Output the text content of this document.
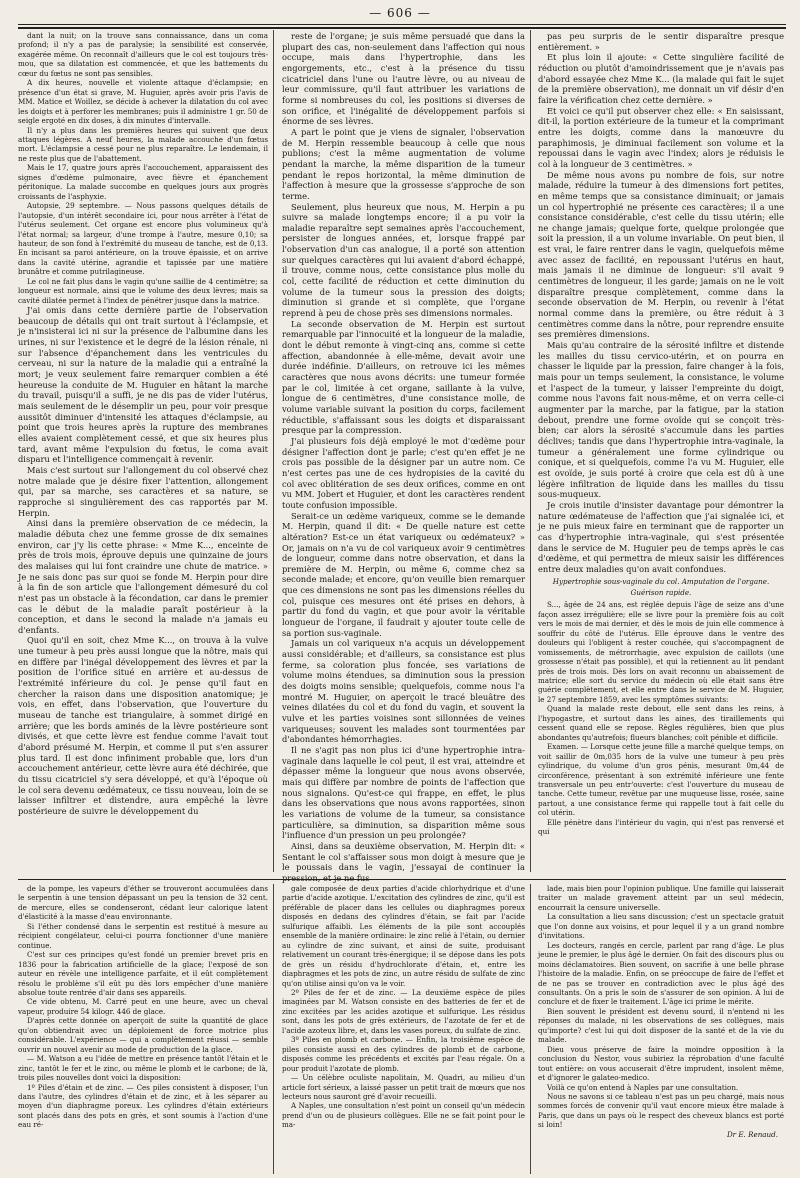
— 606 —

dant la nuit; on la trouve sans connaissance, dans un coma profond; il n'y a pas de paralysie; la sensibilité est conservée, exagérée même. On reconnaît d'ailleurs que le col est toujours très-mou, que sa dilatation est commencée, et que les battements du cœur du fœtus ne sont pas sensibles.

A dix heures, nouvelle et violente attaque d'éclampsie; en présence d'un état si grave, M. Huguier, après avoir pris l'avis de MM. Matice et Woillez, se décide à achever la dilatation du col avec les doigts et à perforer les membranes; puis il administre 1 gr. 50 de seigle ergoté en dix doses, à dix minutes d'intervalle.

Il n'y a plus dans les premières heures qui suivent que deux attaques légères. A neuf heures, la malade accouche d'un fœtus mort. L'éclampsie a cessé pour ne plus reparaître. Le lendemain, il ne reste plus que de l'abattement.

Mais le 17, quatre jours après l'accouchement, apparaissent des signes d'œdème pulmonaire, avec fièvre et épanchement péritonique. La malade succombe en quelques jours aux progrès croissants de l'asphyxie.

Autopsie, 29 septembre. — Nous passons quelques détails de l'autopsie, d'un intérêt secondaire ici, pour nous arrêter à l'état de l'utérus seulement. Cet organe est encore plus volumineux qu'à l'état normal; sa largeur, d'une trompe à l'autre, mesure 0,10; sa hauteur, de son fond à l'extrémité du museau de tanche, est de 0,13. En incisant sa paroi antérieure, on la trouve épaissie, et on arrive dans la cavité utérine, agrandie et tapissée par une matière brunâtre et comme putrilagineuse.

Le col ne fait plus dans le vagin qu'une saillie de 4 centimètre; sa longueur est normale, ainsi que le volume des deux lèvres; mais sa cavité dilatée permet à l'index de pénétrer jusque dans la matrice.

J'ai omis dans cette dernière partie de l'observation beaucoup de détails qui ont trait surtout à l'éclampsie, et je n'insisterai ici ni sur la présence de l'albumine dans les urines, ni sur l'existence et le degré de la lésion rénale, ni sur l'absence d'épanchement dans les ventricules du cerveau, ni sur la nature de la maladie qui a entraîné la mort; je veux seulement faire remarquer combien a été heureuse la conduite de M. Huguier en hâtant la marche du travail, puisqu'il a suffi, je ne dis pas de vider l'utérus, mais seulement de le désemplir un peu, pour voir presque aussitôt diminuer d'intensité les attaques d'éclampsie, au point que trois heures après la rupture des membranes elles avaient complètement cessé, et que six heures plus tard, avant même l'expulsion du fœtus, le coma avait disparu et l'intelligence commençait à revenir.

Mais c'est surtout sur l'allongement du col observé chez notre malade que je désire fixer l'attention, allongement qui, par sa marche, ses caractères et sa nature, se rapproche si singulièrement des cas rapportés par M. Herpin.

Ainsi dans la première observation de ce médecin, la maladie débuta chez une femme grosse de dix semaines environ, car j'y lis cette phrase: « Mme K..., enceinte de près de trois mois, éprouve depuis une quinzaine de jours des malaises qui lui font craindre une chute de matrice. » Je ne sais donc pas sur quoi se fonde M. Herpin pour dire à la fin de son article que l'allongement démesuré du col n'est pas un obstacle à la fécondation, car dans le premier cas le début de la maladie paraît postérieur à la conception, et dans le second la malade n'a jamais eu d'enfants.

Quoi qu'il en soit, chez Mme K..., on trouva à la vulve une tumeur à peu près aussi longue que la nôtre, mais qui en diffère par l'inégal développement des lèvres et par la position de l'orifice situé en arrière et au-dessus de l'extrémité inférieure du col. Je pense qu'il faut en chercher la raison dans une disposition anatomique; je vois, en effet, dans l'observation, que l'ouverture du museau de tanche est triangulaire, à sommet dirigé en arrière; que les bords aminés de la lèvre postérieure sont divisés, et que cette lèvre est fendue comme l'avait tout d'abord présumé M. Herpin, et comme il put s'en assurer plus tard. Il est donc infiniment probable que, lors d'un accouchement antérieur, cette lèvre aura été déchirée, que du tissu cicatriciel s'y sera développé, et qu'à l'époque où le col sera devenu œdémateux, ce tissu nouveau, loin de se laisser infiltrer et distendre, aura empêché la lèvre postérieure de suivre le développement du

reste de l'organe; je suis même persuadé que dans la plupart des cas, non-seulement dans l'affection qui nous occupe, mais dans l'hypertrophie, dans les engorgements, etc., c'est à la présence du tissu cicatriciel dans l'une ou l'autre lèvre, ou au niveau de leur commissure, qu'il faut attribuer les variations de forme si nombreuses du col, les positions si diverses de son orifice, et l'inégalité de développement parfois si énorme de ses lèvres.

A part le point que je viens de signaler, l'observation de M. Herpin ressemble beaucoup à celle que nous publions; c'est la même augmentation de volume pendant la marche, la même disparition de la tumeur pendant le repos horizontal, la même diminution de l'affection à mesure que la grossesse s'approche de son terme.

Seulement, plus heureux que nous, M. Herpin a pu suivre sa malade longtemps encore; il a pu voir la maladie reparaître sept semaines après l'accouchement, persister de longues années, et, lorsque frappé par l'observation d'un cas analogue, il a porté son attention sur quelques caractères qui lui avaient d'abord échappé, il trouve, comme nous, cette consistance plus molle du col, cette facilité de réduction et cette diminution du volume de la tumeur sous la pression des doigts; diminution si grande et si complète, que l'organe reprend à peu de chose près ses dimensions normales.

La seconde observation de M. Herpin est surtout remarquable par l'innocuité et la longueur de la maladie, dont le début remonte à vingt-cinq ans, comme si cette affection, abandonnée à elle-même, devait avoir une durée indéfinie. D'ailleurs, on retrouve ici les mêmes caractères que nous avons décrits: une tumeur formée par le col, limitée à cet organe, saillante à la vulve, longue de 6 centimètres, d'une consistance molle, de volume variable suivant la position du corps, facilement réductible, s'affaissant sous les doigts et disparaissant presque par la compression.

J'ai plusieurs fois déjà employé le mot d'œdème pour désigner l'affection dont je parle; c'est qu'en effet je ne crois pas possible de la désigner par un autre nom. Ce n'est certes pas une de ces hydropisies de la cavité du col avec oblitération de ses deux orifices, comme en ont vu MM. Jobert et Huguier, et dont les caractères rendent toute confusion impossible.

Serait-ce un œdème variqueux, comme se le demande M. Herpin, quand il dit: « De quelle nature est cette altération? Est-ce un état variqueux ou œdémateux? » Or, jamais on n'a vu de col variqueux avoir 9 centimètres de longueur, comme dans notre observation, et dans la première de M. Herpin, ou même 6, comme chez sa seconde malade; et encore, qu'on veuille bien remarquer que ces dimensions ne sont pas les dimensions réelles du col, puisque ces mesures ont été prises en dehors, à partir du fond du vagin, et que pour avoir la véritable longueur de l'organe, il faudrait y ajouter toute celle de sa portion sus-vaginale.

Jamais un col variqueux n'a acquis un développement aussi considérable; et d'ailleurs, sa consistance est plus ferme, sa coloration plus foncée, ses variations de volume moins étendues, sa diminution sous la pression des doigts moins sensible; quelquefois, comme nous l'a montré M. Huguier, on aperçoit le tracé bleuâtre des veines dilatées du col et du fond du vagin, et souvent la vulve et les parties voisines sont sillonnées de veines variqueuses; souvent les malades sont tourmentées par d'abondantes hémorrhagies.

Il ne s'agit pas non plus ici d'une hypertrophie intra-vaginale dans laquelle le col peut, il est vrai, atteindre et dépasser même la longueur que nous avons observée, mais qui diffère par nombre de points de l'affection que nous signalons. Qu'est-ce qui frappe, en effet, le plus dans les observations que nous avons rapportées, sinon les variations de volume de la tumeur, sa consistance particulière, sa diminution, sa disparition même sous l'influence d'un pression un peu prolongée?

Ainsi, dans sa deuxième observation, M. Herpin dit: « Sentant le col s'affaisser sous mon doigt à mesure que je le poussais dans le vagin, j'essayai de continuer la pression, et je ne fus

pas peu surpris de le sentir disparaître presque entièrement. »

Et plus loin il ajoute: « Cette singulière facilité de réduction ou plutôt d'amoindrissement que je n'avais pas d'abord essayée chez Mme K... (la malade qui fait le sujet de la première observation), me donnait un vif désir d'en faire la vérification chez cette dernière. »

Et voici ce qu'il put observer chez elle: « En saisissant, dit-il, la portion extérieure de la tumeur et la comprimant entre les doigts, comme dans la manœuvre du paraphimosis, je diminuai facilement son volume et la repoussai dans le vagin avec l'index; alors je réduisis le col à la longueur de 3 centimètres. »

De même nous avons pu nombre de fois, sur notre malade, réduire la tumeur à des dimensions fort petites, en même temps que sa consistance diminuait; or jamais un col hypertrophié ne présente ces caractères; il a une consistance considérable, c'est celle du tissu utérin; elle ne change jamais; quelque forte, quelque prolongée que soit la pression, il a un volume invariable. On peut bien, il est vrai, le faire rentrer dans le vagin, quelquefois même avec assez de facilité, en repoussant l'utérus en haut, mais jamais il ne diminue de longueur: s'il avait 9 centimètres de longueur, il les garde; jamais on ne le voit disparaître presque complètement, comme dans la seconde observation de M. Herpin, ou revenir à l'état normal comme dans la première, ou être réduit à 3 centimètres comme dans la nôtre, pour reprendre ensuite ses premières dimensions.

Mais qu'au contraire de la sérosité infiltre et distende les mailles du tissu cervico-utérin, et on pourra en chasser le liquide par la pression, faire changer à la fois, mais pour un temps seulement, la consistance, le volume et l'aspect de la tumeur, y laisser l'empreinte du doigt, comme nous l'avons fait nous-même, et on verra celle-ci augmenter par la marche, par la fatigue, par la station debout, prendre une forme ovoïde qui se conçoit très-bien; car alors la sérosité s'accumule dans les parties déclives; tandis que dans l'hypertrophie intra-vaginale, la tumeur a généralement une forme cylindrique ou conique, et si quelquefois, comme l'a vu M. Huguier, elle est ovoïde, je suis porté à croire que cela est dû à une légère infiltration de liquide dans les mailles du tissu sous-muqueux.

Je crois inutile d'insister davantage pour démontrer la nature œdémateuse de l'affection que j'ai signalée ici, et je ne puis mieux faire en terminant que de rapporter un cas d'hypertrophie intra-vaginale, qui s'est présentée dans le service de M. Huguier peu de temps après le cas d'œdème, et qui permettra de mieux saisir les différences entre deux maladies qu'on avait confondues.

Hypertrophie sous-vaginale du col. Amputation de l'organe.

Guérison rapide.

S..., âgée de 24 ans, est réglée depuis l'âge de seize ans d'une façon assez irrégulière; elle se livre pour la première fois au coït vers le mois de mai dernier, et dès le mois de juin elle commence à souffrir du côté de l'utérus. Elle éprouve dans le ventre des douleurs qui l'obligent à rester couchée, qui s'accompagnent de vomissements, de métrorrhagie, avec expulsion de caillots (une grossesse n'était pas possible), et qui la retiennent au lit pendant près de trois mois. Dès lors on avait reconnu un abaissement de matrice; elle sort du service du médecin où elle était sans être guérie complètement, et elle entre dans le service de M. Huguier, le 27 septembre 1859, avec les symptômes suivants:

Quand la malade reste debout, elle sent dans les reins, à l'hypogastre, et surtout dans les aines, des tiraillements qui cessent quand elle se repose. Règles régulières, bien que plus abondantes qu'autrefois; flueurs blanches; coït pénible et difficile.

Examen. — Lorsque cette jeune fille a marché quelque temps, on voit saillir de 0m,035 hors de la vulve une tumeur à peu près cylindrique, du volume d'un gros pénis, mesurant 0m,44 de circonférence, présentant à son extrémité inférieure une fente transversale un peu entr'ouverte: c'est l'ouverture du museau de tanche. Cette tumeur, revêtue par une muqueuse lisse, rosée, saine partout, a une consistance ferme qui rappelle tout à fait celle du col utérin.

Elle pénètre dans l'intérieur du vagin, qui n'est pas renversé et qui

de la pompe, les vapeurs d'éther se trouveront accumulées dans le serpentin à une tension dépassant un peu la tension de 32 cent. de mercure, elles se condenseront, cédant leur calorique latent d'élasticité à la masse d'eau environnante.

Si l'éther condensé dans le serpentin est restitué à mesure au récipient congélateur, celui-ci pourra fonctionner d'une manière continue.

C'est sur ces principes qu'est fondé un premier brevet pris en 1836 pour la fabrication artificielle de la glace; l'exposé de son auteur en révèle une intelligence parfaite, et il eût complètement résolu le problème s'il eût pu dès lors empêcher d'une manière absolue toute rentrée d'air dans ses appareils.

Ce vide obtenu, M. Carré peut en une heure, avec un cheval vapeur, produire 54 kilogr. 446 de glace.

D'après cette donnée on aperçoit de suite la quantité de glace qu'on obtiendrait avec un déploiement de force motrice plus considérable. L'expérience — qui a complètement réussi — semble ouvrir un nouvel avenir au mode de production de la glace.

— M. Watson a eu l'idée de mettre en présence tantôt l'étain et le zinc, tantôt le fer et le zinc, ou même le plomb et le carbone; de là, trois piles nouvelles dont voici la disposition:

1º Piles d'étain et de zinc. — Ces piles consistent à disposer, l'un dans l'autre, des cylindres d'étain et de zinc, et à les séparer au moyen d'un diaphragme poreux. Les cylindres d'étain extérieurs sont placés dans des pots en grès, et sont soumis à l'action d'une eau ré-

gale composée de deux parties d'acide chlorhydrique et d'une partie d'acide azotique. L'excitation des cylindres de zinc, qu'il est préférable de placer dans les cellules ou diaphragmes poreux disposés en dedans des cylindres d'étain, se fait par l'acide sulfurique affaibli. Les éléments de la pile sont accouplés ensemble de la manière ordinaire: le zinc relié à l'étain, ou dernier au cylindre de zinc suivant, et ainsi de suite, produisant relativement un courant très-énergique; il se dépose dans les pots de grès un résidu d'hydrochlorate d'étain, et, entre les diaphragmes et les pots de zinc, un autre résidu de sulfate de zinc qu'on utilise ainsi qu'on va le voir.

2º Piles de fer et de zinc. — La deuxième espèce de piles imaginées par M. Watson consiste en des batteries de fer et de zinc excitées par les acides azotique et sulfurique. Les résidus sont, dans les pots de grès extérieurs, de l'azotate de fer et de l'acide azoteux libre, et, dans les vases poreux, du sulfate de zinc.

3º Piles en plomb et carbone. — Enfin, la troisième espèce de piles consiste aussi en des cylindres de plomb et de carbone, disposés comme les précédents et excités par l'eau régale. On a pour produit l'azotate de plomb.

— Un célèbre oculiste napolitain, M. Quadri, au milieu d'un article fort sérieux, a laissé passer un petit trait de mœurs que nos lecteurs nous sauront gré d'avoir recueilli.

A Naples, une consultation n'est point un conseil qu'un médecin prend d'un ou de plusieurs collègues. Elle ne se fait point pour le ma-

lade, mais bien pour l'opinion publique. Une famille qui laisserait traiter un malade gravement atteint par un seul médecin, encourrait la censure universelle.

La consultation a lieu sans discussion; c'est un spectacle gratuit que l'on donne aux voisins, et pour lequel il y a un grand nombre d'invitations.

Les docteurs, rangés en cercle, parlent par rang d'âge. Le plus jeune le premier, le plus âgé le dernier. On fait des discours plus ou moins déclamatoires. Bien souvent, on sacrifie à une belle phrase l'histoire de la maladie. Enfin, on se préoccupe de faire de l'effet et de ne pas se trouver en contradiction avec le plus âgé des consultants. On a pris le soin de s'assurer de son opinion. A lui de conclure et de fixer le traitement. L'âge ici prime le mérite.

Bien souvent le président est devenu sourd, il n'entend ni les réponses du malade, ni les observations de ses collègues, mais qu'importe? c'est lui qui doit disposer de la santé et de la vie du malade.

Dieu vous préserve de faire la moindre opposition à la conclusion du Nestor, vous subiriez la réprobation d'une faculté tout entière: on vous accuserait d'être imprudent, insolent même, et d'ignorer le galateo-medico.

Voilà ce qu'on entend à Naples par une consultation.

Nous ne savons si ce tableau n'est pas un peu chargé, mais nous sommes forcés de convenir qu'il vaut encore mieux être malade à Paris, que dans un pays où le respect des cheveux blancs est porté si loin!

Dr E. Renaud.
